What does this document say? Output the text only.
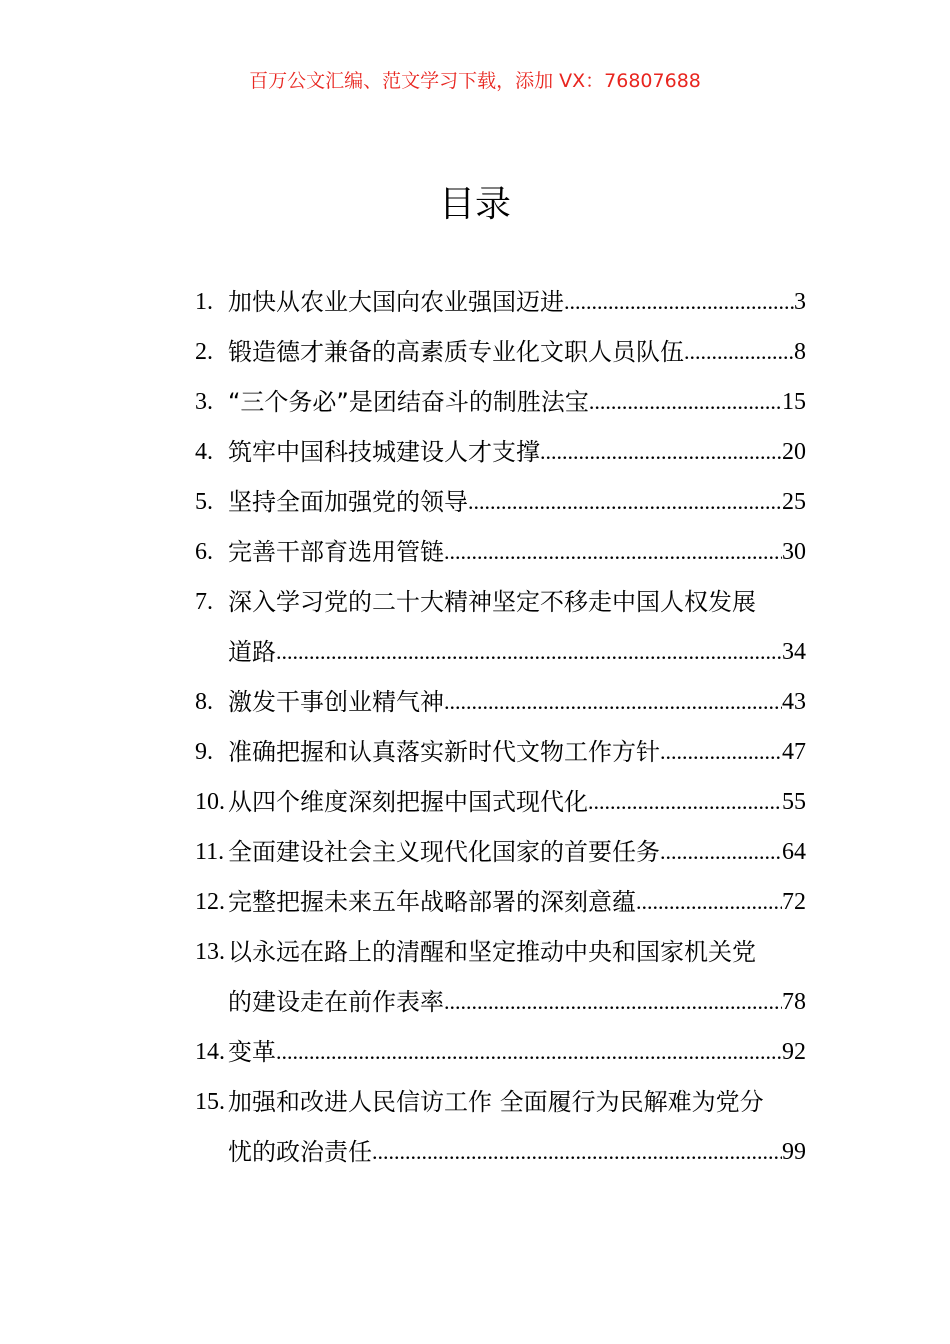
百万公文汇编、范文学习下载，添加 VX：76807688
目录
1. 加快从农业大国向农业强国迈进 .....	3
2. 锻造德才兼备的高素质专业化文职人员队伍 .....	8
3. “三个务必”是团结奋斗的制胜法宝 .....	15
4. 筑牢中国科技城建设人才支撑 .....	20
5. 坚持全面加强党的领导 .....	25
6. 完善干部育选用管链 .....	30
7. 深入学习党的二十大精神坚定不移走中国人权发展
道路 .....	34
8. 激发干事创业精气神 .....	43
9. 准确把握和认真落实新时代文物工作方针 .....	47
10. 从四个维度深刻把握中国式现代化 .....	55
11. 全面建设社会主义现代化国家的首要任务 .....	64
12. 完整把握未来五年战略部署的深刻意蕴 .....	72
13. 以永远在路上的清醒和坚定推动中央和国家机关党
的建设走在前作表率 .....	78
14. 变革 .....	92
15. 加强和改进人民信访工作 全面履行为民解难为党分
忧的政治责任 .....	99
